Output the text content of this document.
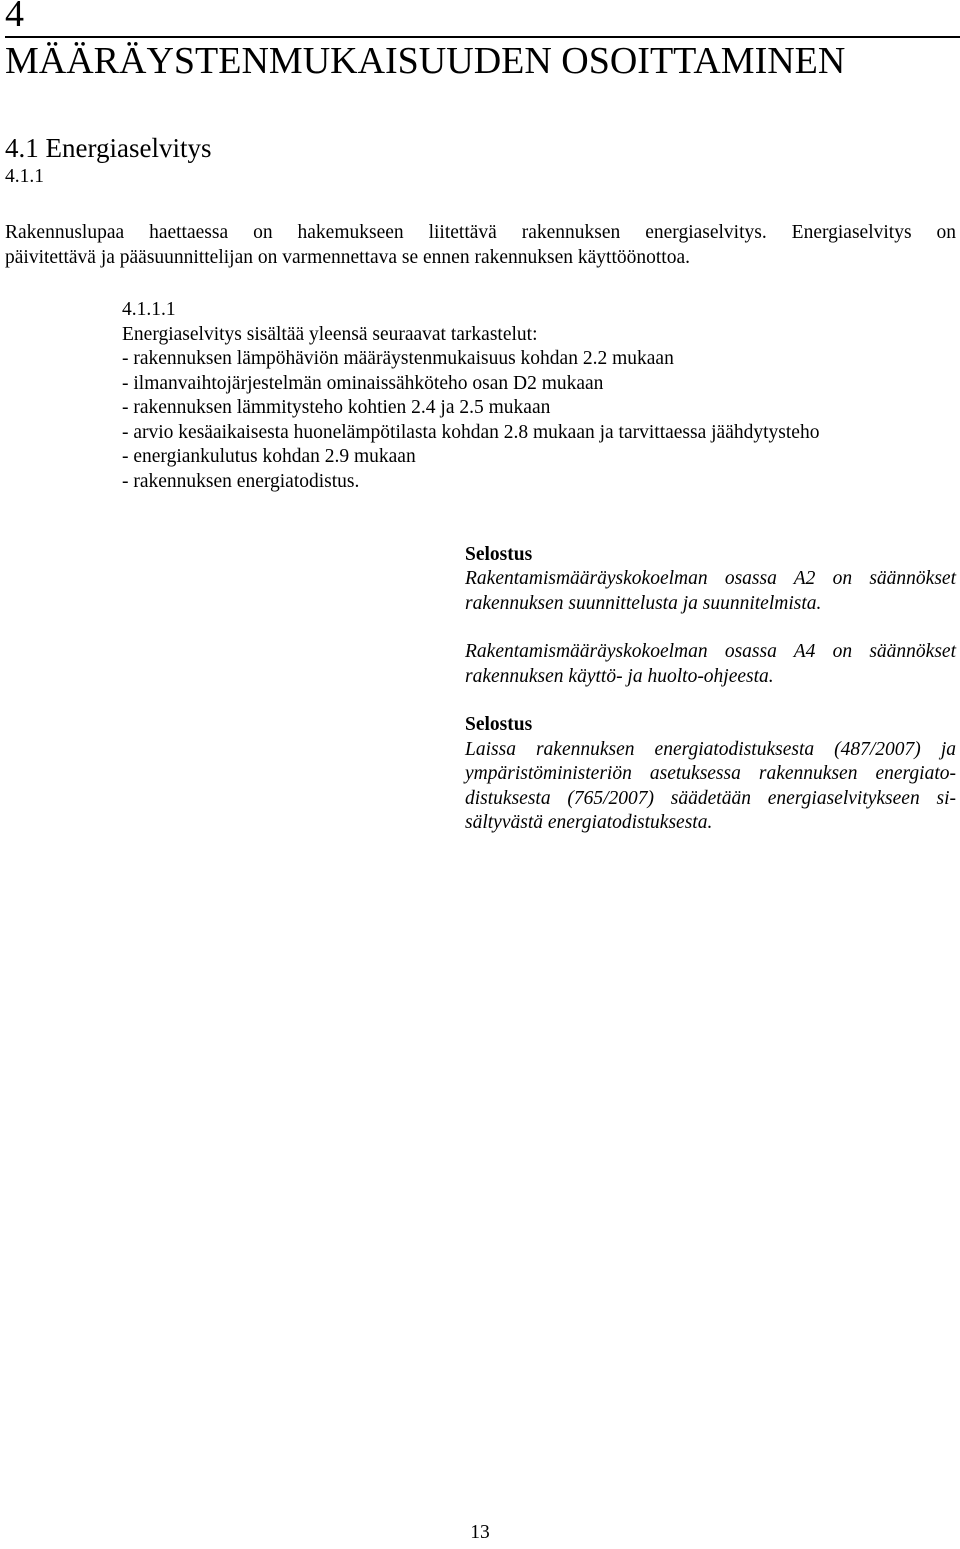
4
MÄÄRÄYSTENMUKAISUUDEN OSOITTAMINEN
4.1 Energiaselvitys
4.1.1
Rakennuslupaa haettaessa on hakemukseen liitettävä rakennuksen energiaselvitys. Energiaselvitys on
päivitettävä ja pääsuunnittelijan on varmennettava se ennen rakennuksen käyttöönottoa.
4.1.1.1
Energiaselvitys sisältää yleensä seuraavat tarkastelut:
- rakennuksen lämpöhäviön määräystenmukaisuus kohdan 2.2 mukaan
- ilmanvaihtojärjestelmän ominaissähköteho osan D2 mukaan
- rakennuksen lämmitysteho kohtien 2.4 ja 2.5 mukaan
- arvio kesäaikaisesta huonelämpötilasta kohdan 2.8 mukaan ja tarvittaessa jäähdytysteho
- energiankulutus kohdan 2.9 mukaan
- rakennuksen energiatodistus.
Selostus
Rakentamismääräyskokoelman osassa A2 on säännökset
rakennuksen suunnittelusta ja suunnitelmista.
Rakentamismääräyskokoelman osassa A4 on säännökset
rakennuksen käyttö- ja huolto-ohjeesta.
Selostus
Laissa rakennuksen energiatodistuksesta (487/2007) ja
ympäristöministeriön asetuksessa rakennuksen energiato-
distuksesta (765/2007) säädetään energiaselvitykseen si-
sältyvästä energiatodistuksesta.
13
